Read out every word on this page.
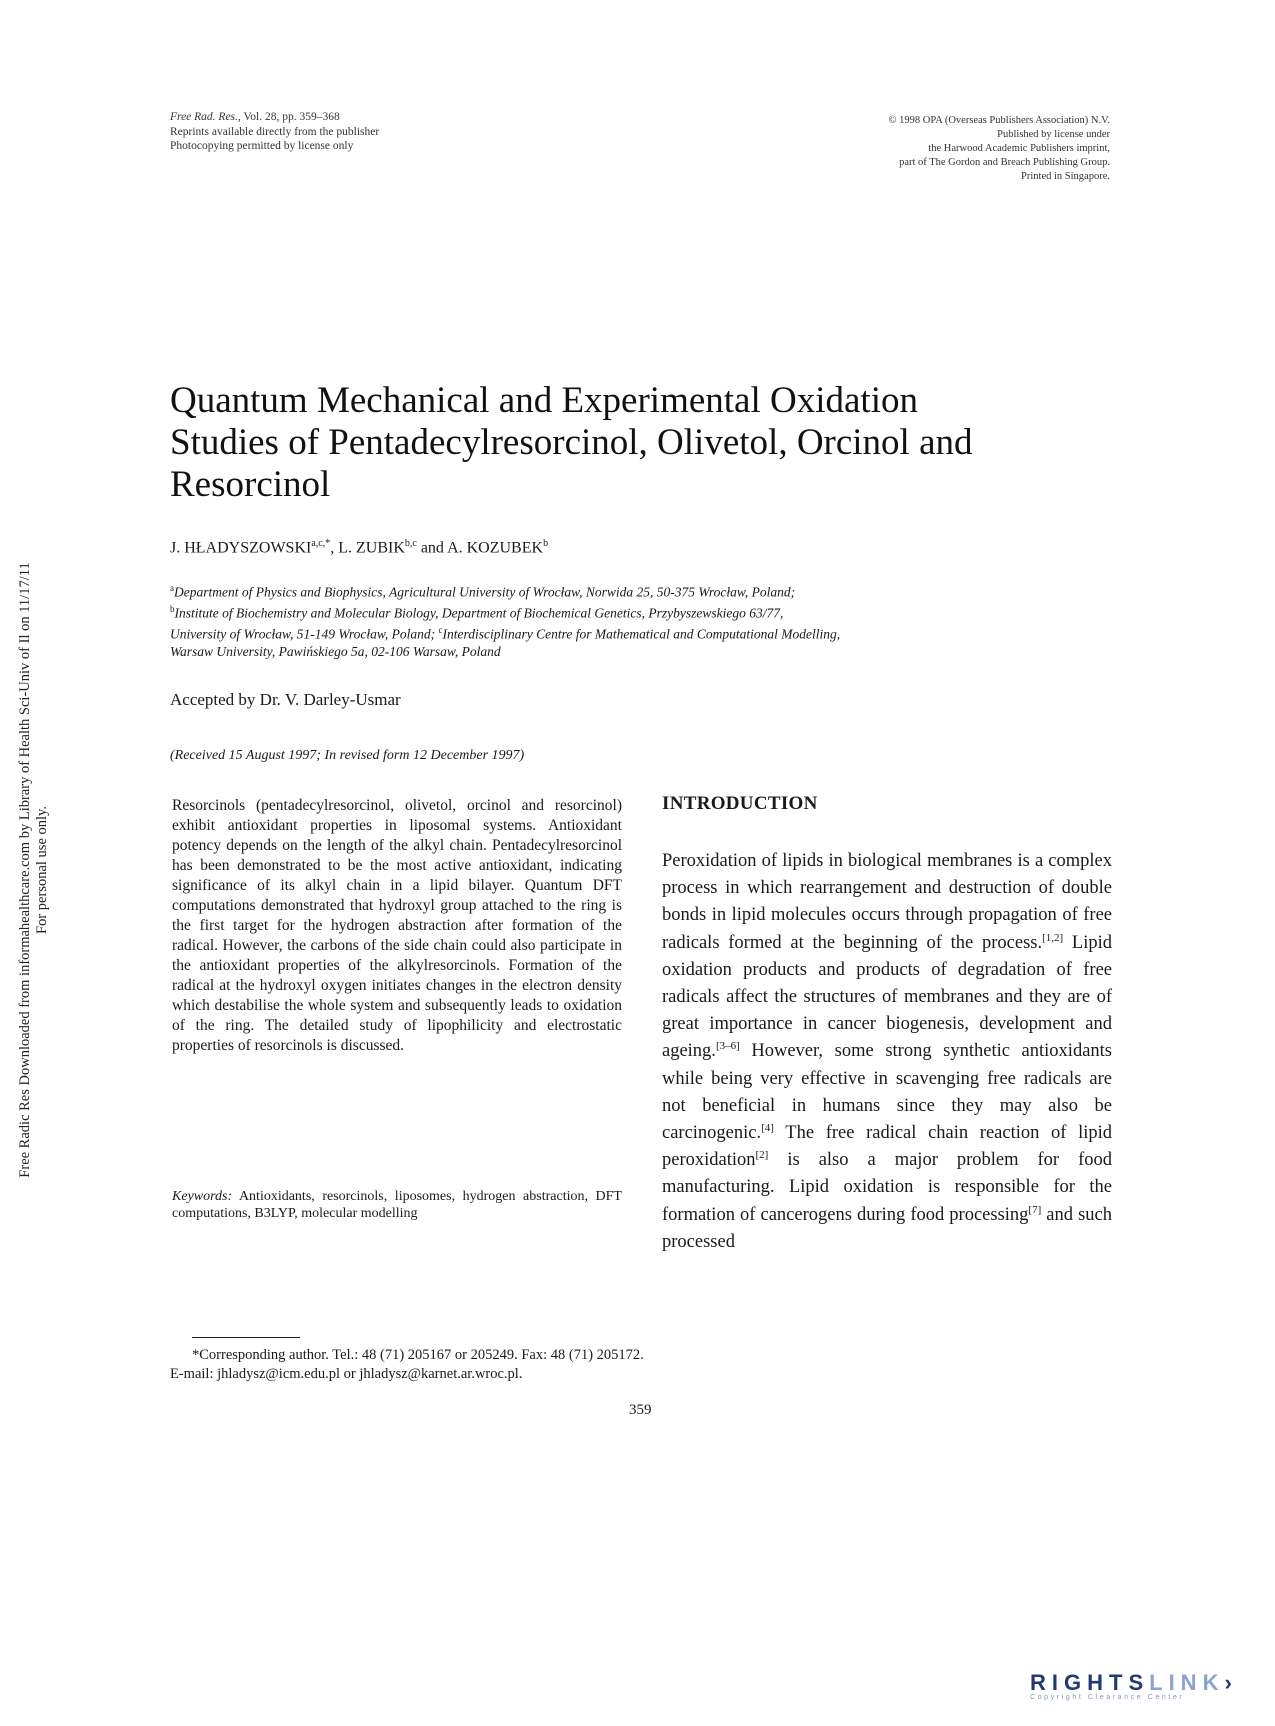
Free Rad. Res., Vol. 28, pp. 359–368
Reprints available directly from the publisher
Photocopying permitted by license only
© 1998 OPA (Overseas Publishers Association) N.V.
Published by license under
the Harwood Academic Publishers imprint,
part of The Gordon and Breach Publishing Group.
Printed in Singapore.
Quantum Mechanical and Experimental Oxidation
Studies of Pentadecylresorcinol, Olivetol, Orcinol and
Resorcinol
J. $HŁADYSZOWSKI^{a,c,*}$, L. ZUBIK$^{b,c}$ and A. KOZUBEK$^b$
$^a$Department of Physics and Biophysics, Agricultural University of Wrocław, Norwida 25, 50-375 Wrocław, Poland;
$^b$Institute of Biochemistry and Molecular Biology, Department of Biochemical Genetics, Przybyszewskiego 63/77,
University of Wrocław, 51-149 Wrocław, Poland; $^c$Interdisciplinary Centre for Mathematical and Computational Modelling,
Warsaw University, Pawińskiego 5a, 02-106 Warsaw, Poland
Accepted by Dr. V. Darley-Usmar
(Received 15 August 1997; In revised form 12 December 1997)
Resorcinols (pentadecylresorcinol, olivetol, orcinol and resorcinol) exhibit antioxidant properties in liposomal systems. Antioxidant potency depends on the length of the alkyl chain. Pentadecylresorcinol has been demonstrated to be the most active antioxidant, indicating significance of its alkyl chain in a lipid bilayer. Quantum DFT computations demonstrated that hydroxyl group attached to the ring is the first target for the hydrogen abstraction after formation of the radical. However, the carbons of the side chain could also participate in the antioxidant properties of the alkylresorcinols. Formation of the radical at the hydroxyl oxygen initiates changes in the electron density which destabilise the whole system and subsequently leads to oxidation of the ring. The detailed study of lipophilicity and electrostatic properties of resorcinols is discussed.
Keywords: Antioxidants, resorcinols, liposomes, hydrogen abstraction, DFT computations, B3LYP, molecular modelling
INTRODUCTION
Peroxidation of lipids in biological membranes is a complex process in which rearrangement and destruction of double bonds in lipid molecules occurs through propagation of free radicals formed at the beginning of the process.[1,2] Lipid oxidation products and products of degradation of free radicals affect the structures of membranes and they are of great importance in cancer biogenesis, development and ageing.[3–6] However, some strong synthetic antioxidants while being very effective in scavenging free radicals are not beneficial in humans since they may also be carcinogenic.[4] The free radical chain reaction of lipid peroxidation[2] is also a major problem for food manufacturing. Lipid oxidation is responsible for the formation of cancerogens during food processing[7] and such processed
*Corresponding author. Tel.: 48 (71) 205167 or 205249. Fax: 48 (71) 205172.
E-mail: jhladysz@icm.edu.pl or jhladysz@karnet.ar.wroc.pl.
359
Free Radic Res Downloaded from informahealthcare.com by Library of Health Sci-Univ of Il on 11/17/11 For personal use only.
RIGHTSLINK›
Copyright Clearance Center
